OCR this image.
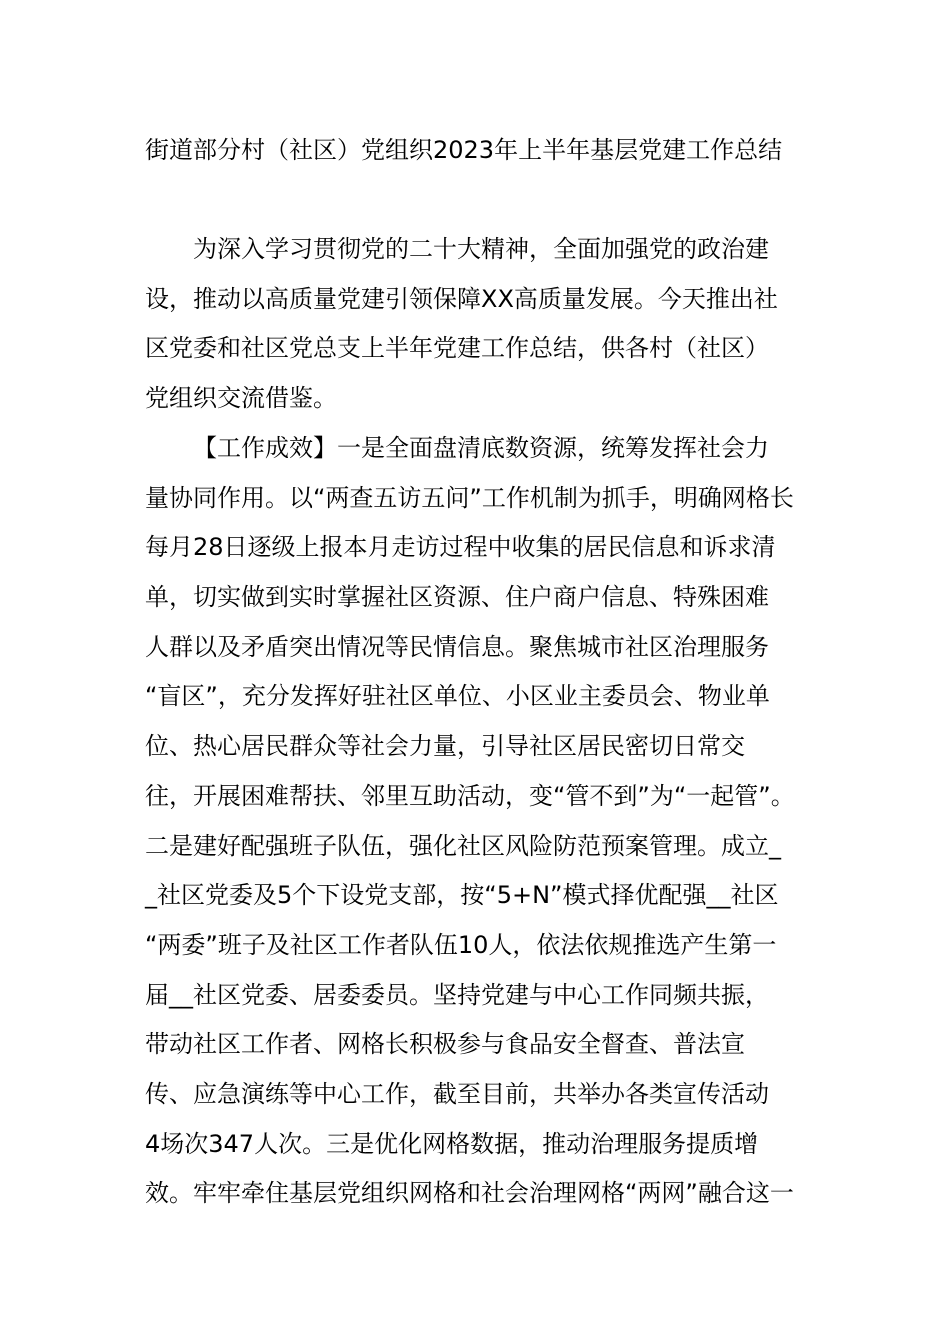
街道部分村（社区）党组织2023年上半年基层党建工作总结
为深入学习贯彻党的二十大精神，全面加强党的政治建
设，推动以高质量党建引领保障XX高质量发展。今天推出社
区党委和社区党总支上半年党建工作总结，供各村（社区）
党组织交流借鉴。
【工作成效】一是全面盘清底数资源，统筹发挥社会力
量协同作用。以“两查五访五问”工作机制为抓手，明确网格长
每月28日逐级上报本月走访过程中收集的居民信息和诉求清
单，切实做到实时掌握社区资源、住户商户信息、特殊困难
人群以及矛盾突出情况等民情信息。聚焦城市社区治理服务
“盲区”，充分发挥好驻社区单位、小区业主委员会、物业单
位、热心居民群众等社会力量，引导社区居民密切日常交
往，开展困难帮扶、邻里互助活动，变“管不到”为“一起管”。
二是建好配强班子队伍，强化社区风险防范预案管理。成立_
_社区党委及5个下设党支部，按“5+N”模式择优配强__社区
“两委”班子及社区工作者队伍10人，依法依规推选产生第一
届__社区党委、居委委员。坚持党建与中心工作同频共振，
带动社区工作者、网格长积极参与食品安全督查、普法宣
传、应急演练等中心工作，截至目前，共举办各类宣传活动
4场次347人次。三是优化网格数据，推动治理服务提质增
效。牢牢牵住基层党组织网格和社会治理网格“两网”融合这一
